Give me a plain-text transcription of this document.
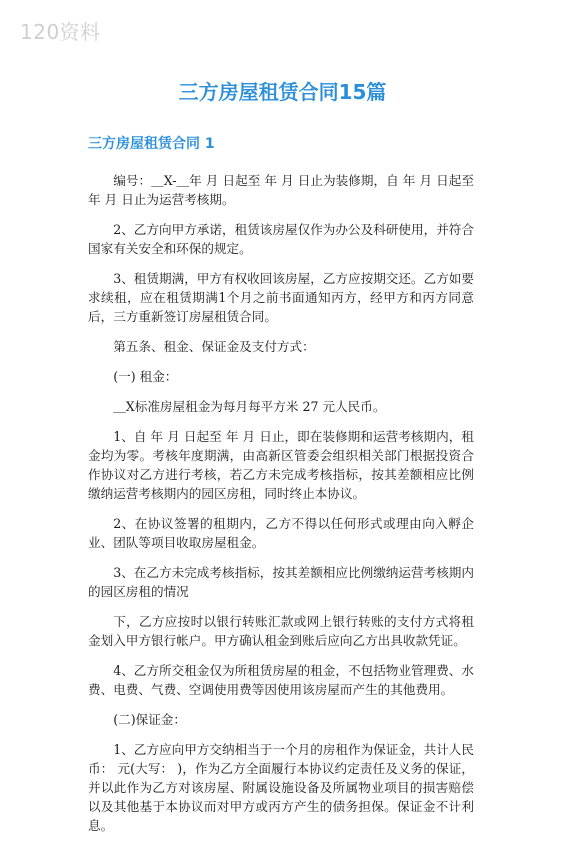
120资料
三方房屋租赁合同15篇
三方房屋租赁合同 1

编号：＿X-＿年 月 日起至 年 月 日止为装修期，自 年 月 日起至 年 月 日止为运营考核期。

2、乙方向甲方承诺，租赁该房屋仅作为办公及科研使用，并符合国家有关安全和环保的规定。

3、租赁期满，甲方有权收回该房屋，乙方应按期交还。乙方如要求续租，应在租赁期满1个月之前书面通知丙方，经甲方和丙方同意后，三方重新签订房屋租赁合同。

第五条、租金、保证金及支付方式：

(一) 租金：

＿X标准房屋租金为每月每平方米 27 元人民币。

1、自 年 月 日起至 年 月 日止，即在装修期和运营考核期内，租金均为零。考核年度期满，由高新区管委会组织相关部门根据投资合作协议对乙方进行考核，若乙方未完成考核指标，按其差额相应比例缴纳运营考核期内的园区房租，同时终止本协议。

2、在协议签署的租期内，乙方不得以任何形式或理由向入孵企业、团队等项目收取房屋租金。

3、在乙方未完成考核指标，按其差额相应比例缴纳运营考核期内的园区房租的情况

下，乙方应按时以银行转账汇款或网上银行转账的支付方式将租金划入甲方银行帐户。甲方确认租金到账后应向乙方出具收款凭证。

4、乙方所交租金仅为所租赁房屋的租金，不包括物业管理费、水费、电费、气费、空调使用费等因使用该房屋而产生的其他费用。

(二)保证金：

1、乙方应向甲方交纳相当于一个月的房租作为保证金，共计人民币： 元(大写： )，作为乙方全面履行本协议约定责任及义务的保证，并以此作为乙方对该房屋、附属设施设备及所属物业项目的损害赔偿以及其他基于本协议而对甲方或丙方产生的债务担保。保证金不计利息。
